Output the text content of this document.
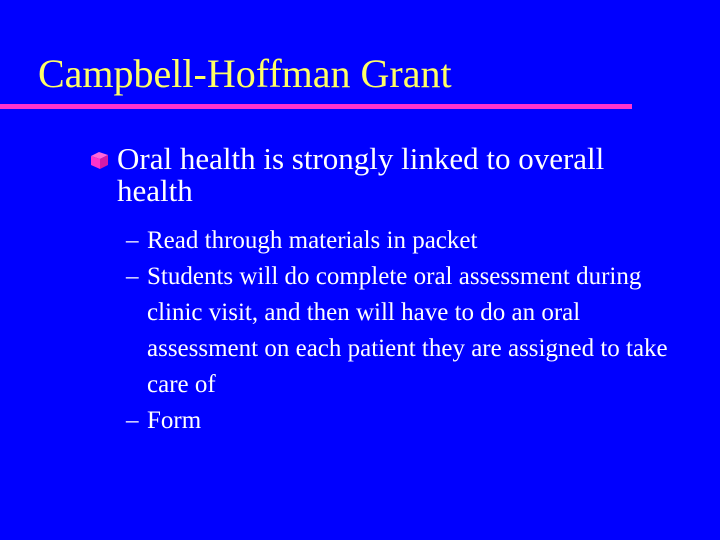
Campbell-Hoffman Grant
Oral health is strongly linked to overall health
– Read through materials in packet
– Students will do complete oral assessment during clinic visit, and then will have to do an oral assessment on each patient they are assigned to take care of
– Form
